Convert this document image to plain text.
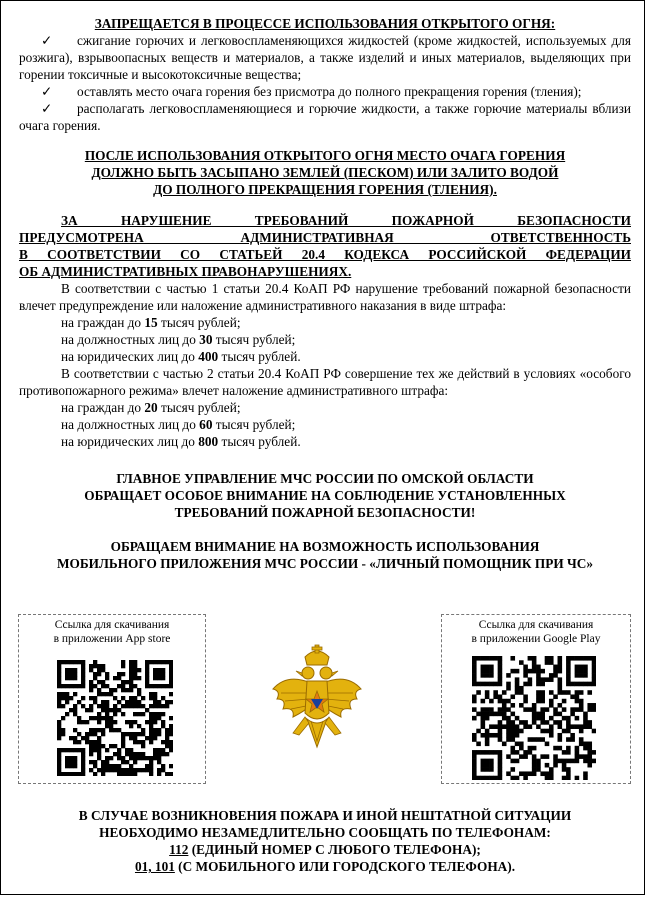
ЗАПРЕЩАЕТСЯ В ПРОЦЕССЕ ИСПОЛЬЗОВАНИЯ ОТКРЫТОГО ОГНЯ:
✓ сжигание горючих и легковоспламеняющихся жидкостей (кроме жидкостей, используемых для розжига), взрывоопасных веществ и материалов, а также изделий и иных материалов, выделяющих при горении токсичные и высокотоксичные вещества;
✓ оставлять место очага горения без присмотра до полного прекращения горения (тления);
✓ располагать легковоспламеняющиеся и горючие жидкости, а также горючие материалы вблизи очага горения.
ПОСЛЕ ИСПОЛЬЗОВАНИЯ ОТКРЫТОГО ОГНЯ МЕСТО ОЧАГА ГОРЕНИЯ
ДОЛЖНО БЫТЬ ЗАСЫПАНО ЗЕМЛЕЙ (ПЕСКОМ) ИЛИ ЗАЛИТО ВОДОЙ
ДО ПОЛНОГО ПРЕКРАЩЕНИЯ ГОРЕНИЯ (ТЛЕНИЯ).
ЗА НАРУШЕНИЕ ТРЕБОВАНИЙ ПОЖАРНОЙ БЕЗОПАСНОСТИ
ПРЕДУСМОТРЕНА АДМИНИСТРАТИВНАЯ ОТВЕТСТВЕННОСТЬ
В СООТВЕТСТВИИ СО СТАТЬЕЙ 20.4 КОДЕКСА РОССИЙСКОЙ ФЕДЕРАЦИИ
ОБ АДМИНИСТРАТИВНЫХ ПРАВОНАРУШЕНИЯХ.
В соответствии с частью 1 статьи 20.4 КоАП РФ нарушение требований пожарной безопасности влечет предупреждение или наложение административного наказания в виде штрафа:
на граждан до 15 тысяч рублей;
на должностных лиц до 30 тысяч рублей;
на юридических лиц до 400 тысяч рублей.
В соответствии с частью 2 статьи 20.4 КоАП РФ совершение тех же действий в условиях «особого противопожарного режима» влечет наложение административного штрафа:
на граждан до 20 тысяч рублей;
на должностных лиц до 60 тысяч рублей;
на юридических лиц до 800 тысяч рублей.
ГЛАВНОЕ УПРАВЛЕНИЕ МЧС РОССИИ ПО ОМСКОЙ ОБЛАСТИ
ОБРАЩАЕТ ОСОБОЕ ВНИМАНИЕ НА СОБЛЮДЕНИЕ УСТАНОВЛЕННЫХ
ТРЕБОВАНИЙ ПОЖАРНОЙ БЕЗОПАСНОСТИ!
ОБРАЩАЕМ ВНИМАНИЕ НА ВОЗМОЖНОСТЬ ИСПОЛЬЗОВАНИЯ
МОБИЛЬНОГО ПРИЛОЖЕНИЯ МЧС РОССИИ - «ЛИЧНЫЙ ПОМОЩНИК ПРИ ЧС»
Ссылка для скачивания
в приложении App store
Ссылка для скачивания
в приложении Google Play
В СЛУЧАЕ ВОЗНИКНОВЕНИЯ ПОЖАРА И ИНОЙ НЕШТАТНОЙ СИТУАЦИИ
НЕОБХОДИМО НЕЗАМЕДЛИТЕЛЬНО СООБЩАТЬ ПО ТЕЛЕФОНАМ:
112 (ЕДИНЫЙ НОМЕР С ЛЮБОГО ТЕЛЕФОНА);
01, 101 (С МОБИЛЬНОГО ИЛИ ГОРОДСКОГО ТЕЛЕФОНА).
